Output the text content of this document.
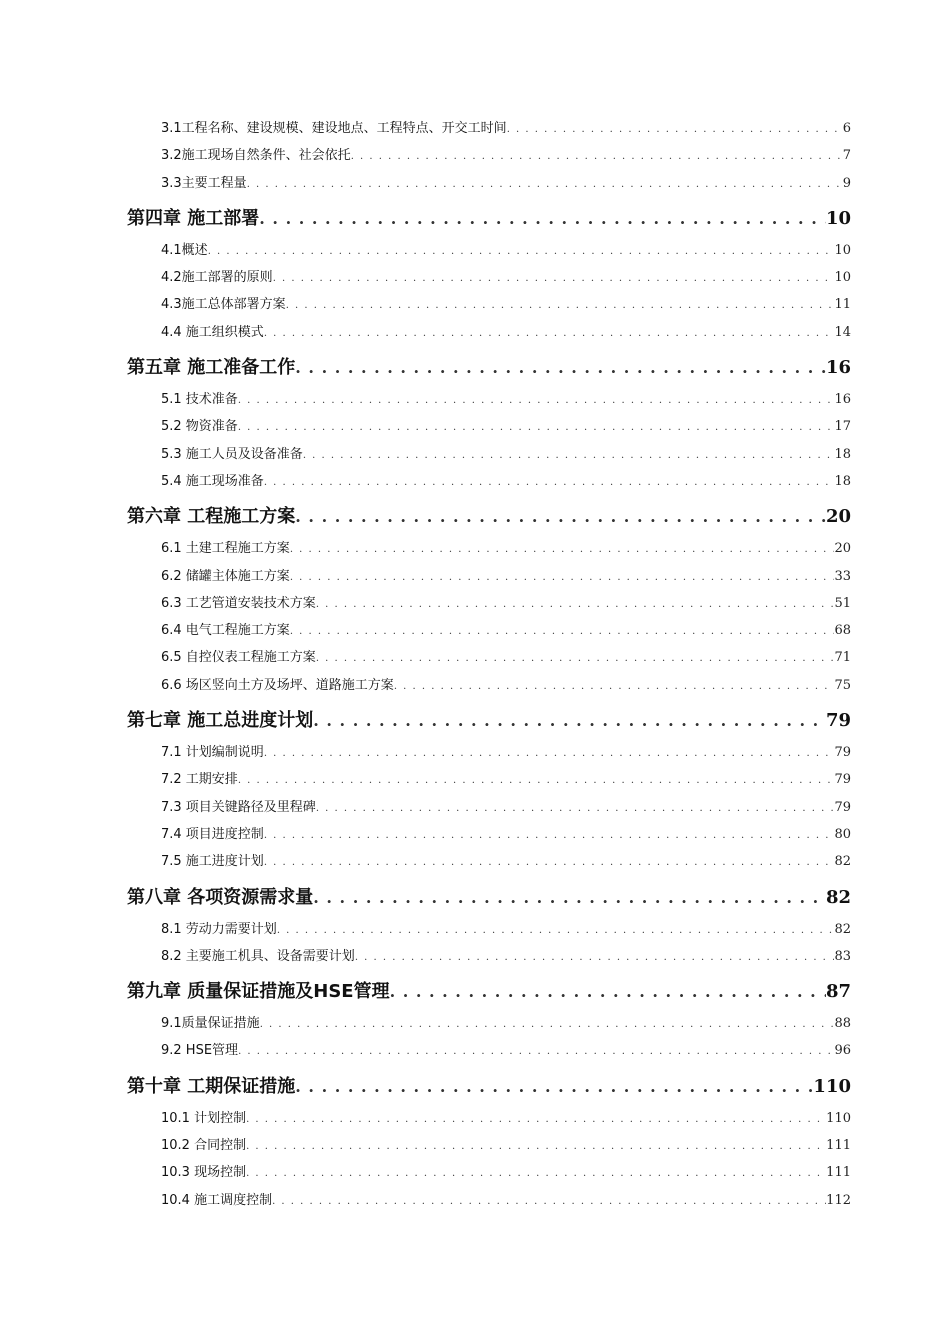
3.1工程名称、建设规模、建设地点、工程特点、开交工时间 . . .	6
3.2施工现场自然条件、社会依托 . . .	7
3.3主要工程量 . . .	9
第四章 施工部署 . . .	10
4.1概述 . . .	10
4.2施工部署的原则 . . .	10
4.3施工总体部署方案 . . .	11
4.4 施工组织模式 . . .	14
第五章 施工准备工作 . . .	16
5.1 技术准备 . . .	16
5.2 物资准备 . . .	17
5.3 施工人员及设备准备 . . .	18
5.4 施工现场准备 . . .	18
第六章 工程施工方案 . . .	20
6.1 土建工程施工方案 . . .	20
6.2 储罐主体施工方案 . . .	33
6.3 工艺管道安装技术方案 . . .	51
6.4 电气工程施工方案 . . .	68
6.5 自控仪表工程施工方案 . . .	71
6.6 场区竖向土方及场坪、道路施工方案 . . .	75
第七章 施工总进度计划 . . .	79
7.1 计划编制说明 . . .	79
7.2 工期安排 . . .	79
7.3 项目关键路径及里程碑 . . .	79
7.4 项目进度控制 . . .	80
7.5 施工进度计划 . . .	82
第八章 各项资源需求量 . . .	82
8.1 劳动力需要计划 . . .	82
8.2 主要施工机具、设备需要计划 . . .	83
第九章 质量保证措施及HSE管理 . . .	87
9.1质量保证措施 . . .	88
9.2 HSE管理 . . .	96
第十章 工期保证措施 . . .	110
10.1 计划控制 . . .	110
10.2 合同控制 . . .	111
10.3 现场控制 . . .	111
10.4 施工调度控制 . . .	112
